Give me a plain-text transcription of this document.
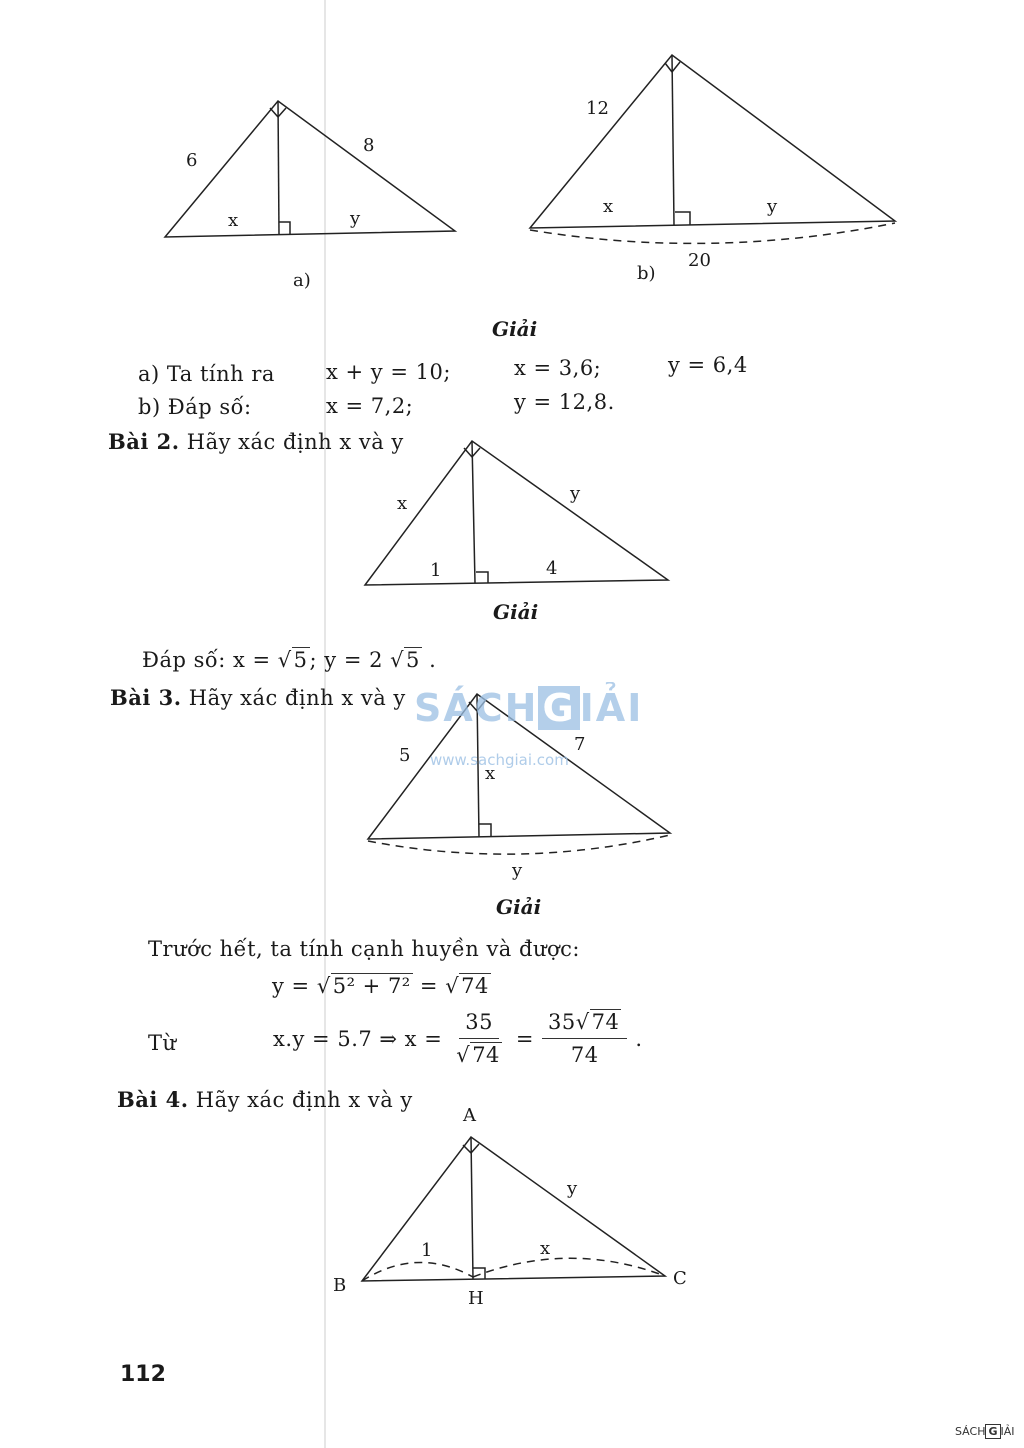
6
8
x	y
a)
12
x	y
20
b)
Giải
a) Ta tính ra x + y = 10;	x = 3,6;	y = 6,4
b) Đáp số:	x = 7,2;	y = 12,8.
Bài 2. Hãy xác định x và y
x	y
1	4
Giải
Đáp số: x = √5; y = 2 √5 .
Bài 3. Hãy xác định x và y
5
7
x
y
Giải
Trước hết, ta tính cạnh huyền và được:
y = √5² + 7² = √74
Từ	x.y = 5.7 ⇒ $x = \frac{35}{√74} = \frac{35√74}{74}$ .
Bài 4. Hãy xác định x và y
A
y
1	x
B	C
H
SÁCH G IẢI
www.sachgiai.com
112
SÁCH G IẢI
